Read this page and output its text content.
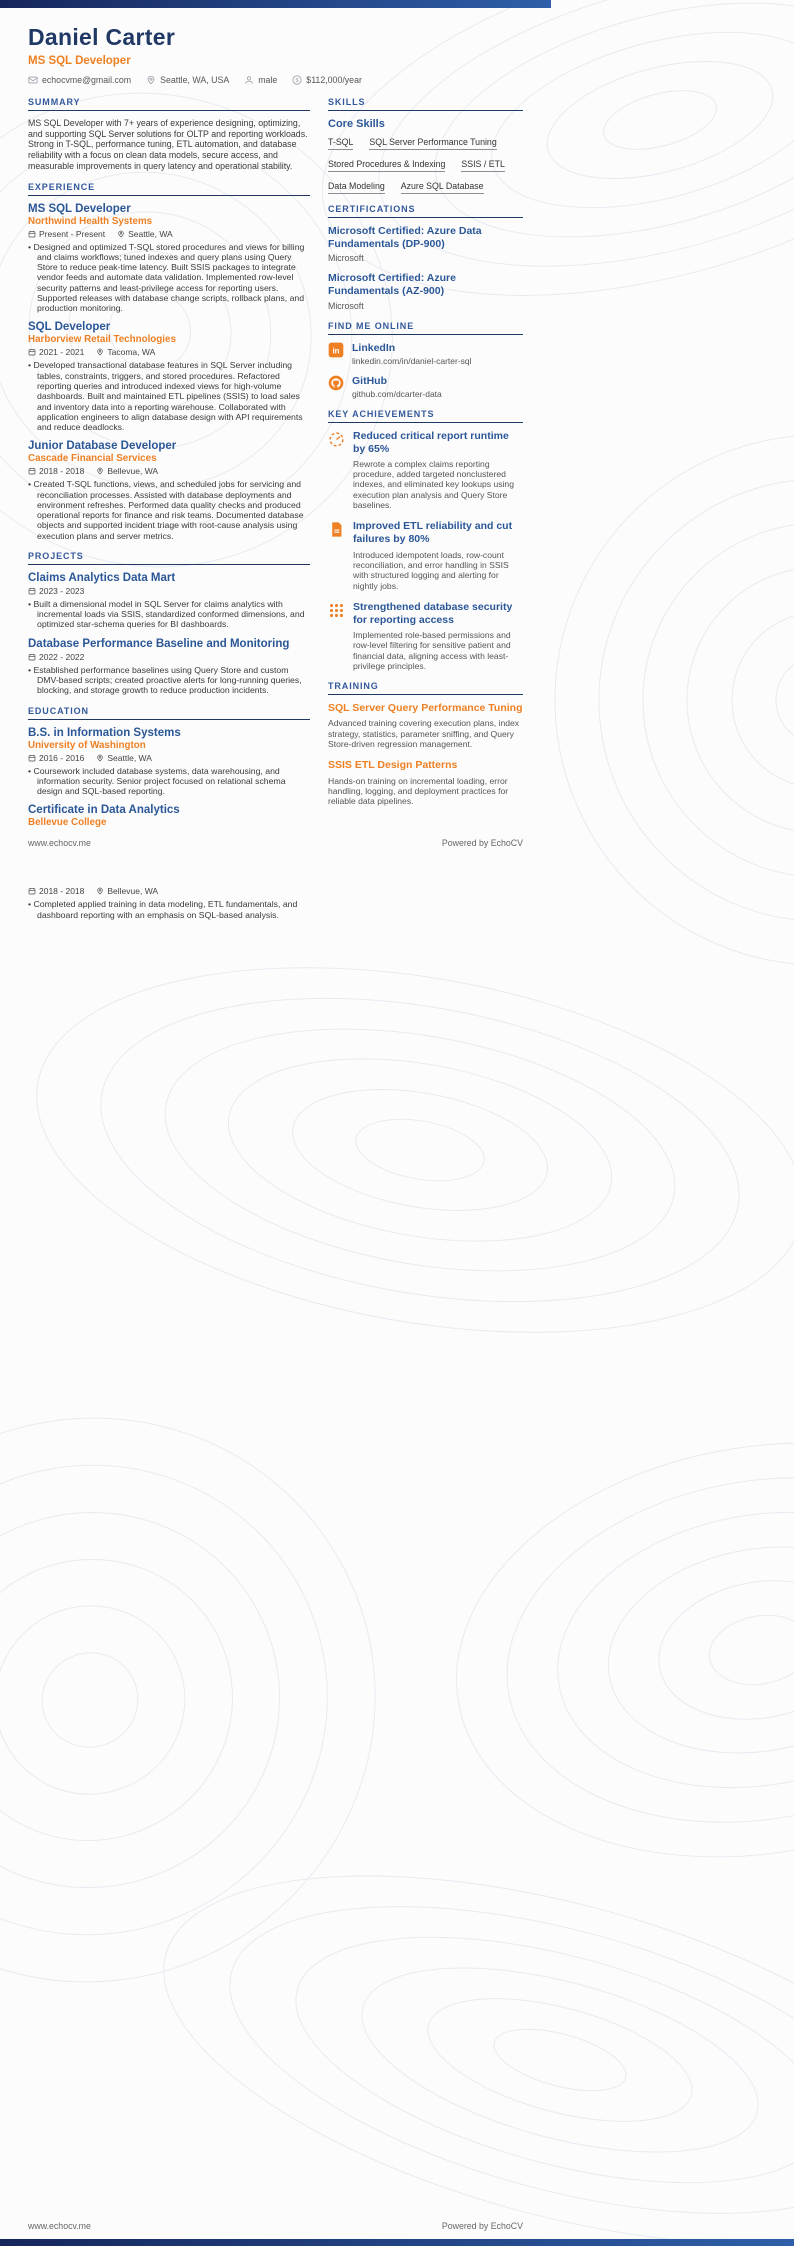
Daniel Carter
MS SQL Developer
echocvme@gmail.com	Seattle, WA, USA	male	$112,000/year
SUMMARY
MS SQL Developer with 7+ years of experience designing, optimizing, and supporting SQL Server solutions for OLTP and reporting workloads. Strong in T-SQL, performance tuning, ETL automation, and database reliability with a focus on clean data models, secure access, and measurable improvements in query latency and operational stability.
EXPERIENCE
MS SQL Developer
Northwind Health Systems
Present - Present	Seattle, WA
• Designed and optimized T-SQL stored procedures and views for billing and claims workflows; tuned indexes and query plans using Query Store to reduce peak-time latency. Built SSIS packages to integrate vendor feeds and automate data validation. Implemented row-level security patterns and least-privilege access for reporting users. Supported releases with database change scripts, rollback plans, and production monitoring.
SQL Developer
Harborview Retail Technologies
2021 - 2021	Tacoma, WA
• Developed transactional database features in SQL Server including tables, constraints, triggers, and stored procedures. Refactored reporting queries and introduced indexed views for high-volume dashboards. Built and maintained ETL pipelines (SSIS) to load sales and inventory data into a reporting warehouse. Collaborated with application engineers to align database design with API requirements and reduce deadlocks.
Junior Database Developer
Cascade Financial Services
2018 - 2018	Bellevue, WA
• Created T-SQL functions, views, and scheduled jobs for servicing and reconciliation processes. Assisted with database deployments and environment refreshes. Performed data quality checks and produced operational reports for finance and risk teams. Documented database objects and supported incident triage with root-cause analysis using execution plans and server metrics.
PROJECTS
Claims Analytics Data Mart
2023 - 2023
• Built a dimensional model in SQL Server for claims analytics with incremental loads via SSIS, standardized conformed dimensions, and optimized star-schema queries for BI dashboards.
Database Performance Baseline and Monitoring
2022 - 2022
• Established performance baselines using Query Store and custom DMV-based scripts; created proactive alerts for long-running queries, blocking, and storage growth to reduce production incidents.
EDUCATION
B.S. in Information Systems
University of Washington
2016 - 2016	Seattle, WA
• Coursework included database systems, data warehousing, and information security. Senior project focused on relational schema design and SQL-based reporting.
Certificate in Data Analytics
Bellevue College
SKILLS
Core Skills
T-SQL SQL Server Performance Tuning
Stored Procedures & Indexing SSIS / ETL
Data Modeling Azure SQL Database
CERTIFICATIONS
Microsoft Certified: Azure Data Fundamentals (DP-900)
Microsoft
Microsoft Certified: Azure Fundamentals (AZ-900)
Microsoft
FIND ME ONLINE
LinkedIn
linkedin.com/in/daniel-carter-sql
GitHub
github.com/dcarter-data
KEY ACHIEVEMENTS
Reduced critical report runtime by 65%
Rewrote a complex claims reporting procedure, added targeted nonclustered indexes, and eliminated key lookups using execution plan analysis and Query Store baselines.
Improved ETL reliability and cut failures by 80%
Introduced idempotent loads, row-count reconciliation, and error handling in SSIS with structured logging and alerting for nightly jobs.
Strengthened database security for reporting access
Implemented role-based permissions and row-level filtering for sensitive patient and financial data, aligning access with least-privilege principles.
TRAINING
SQL Server Query Performance Tuning
Advanced training covering execution plans, index strategy, statistics, parameter sniffing, and Query Store-driven regression management.
SSIS ETL Design Patterns
Hands-on training on incremental loading, error handling, logging, and deployment practices for reliable data pipelines.
www.echocv.me	Powered by EchoCV
2018 - 2018	Bellevue, WA
• Completed applied training in data modeling, ETL fundamentals, and dashboard reporting with an emphasis on SQL-based analysis.
www.echocv.me	Powered by EchoCV
